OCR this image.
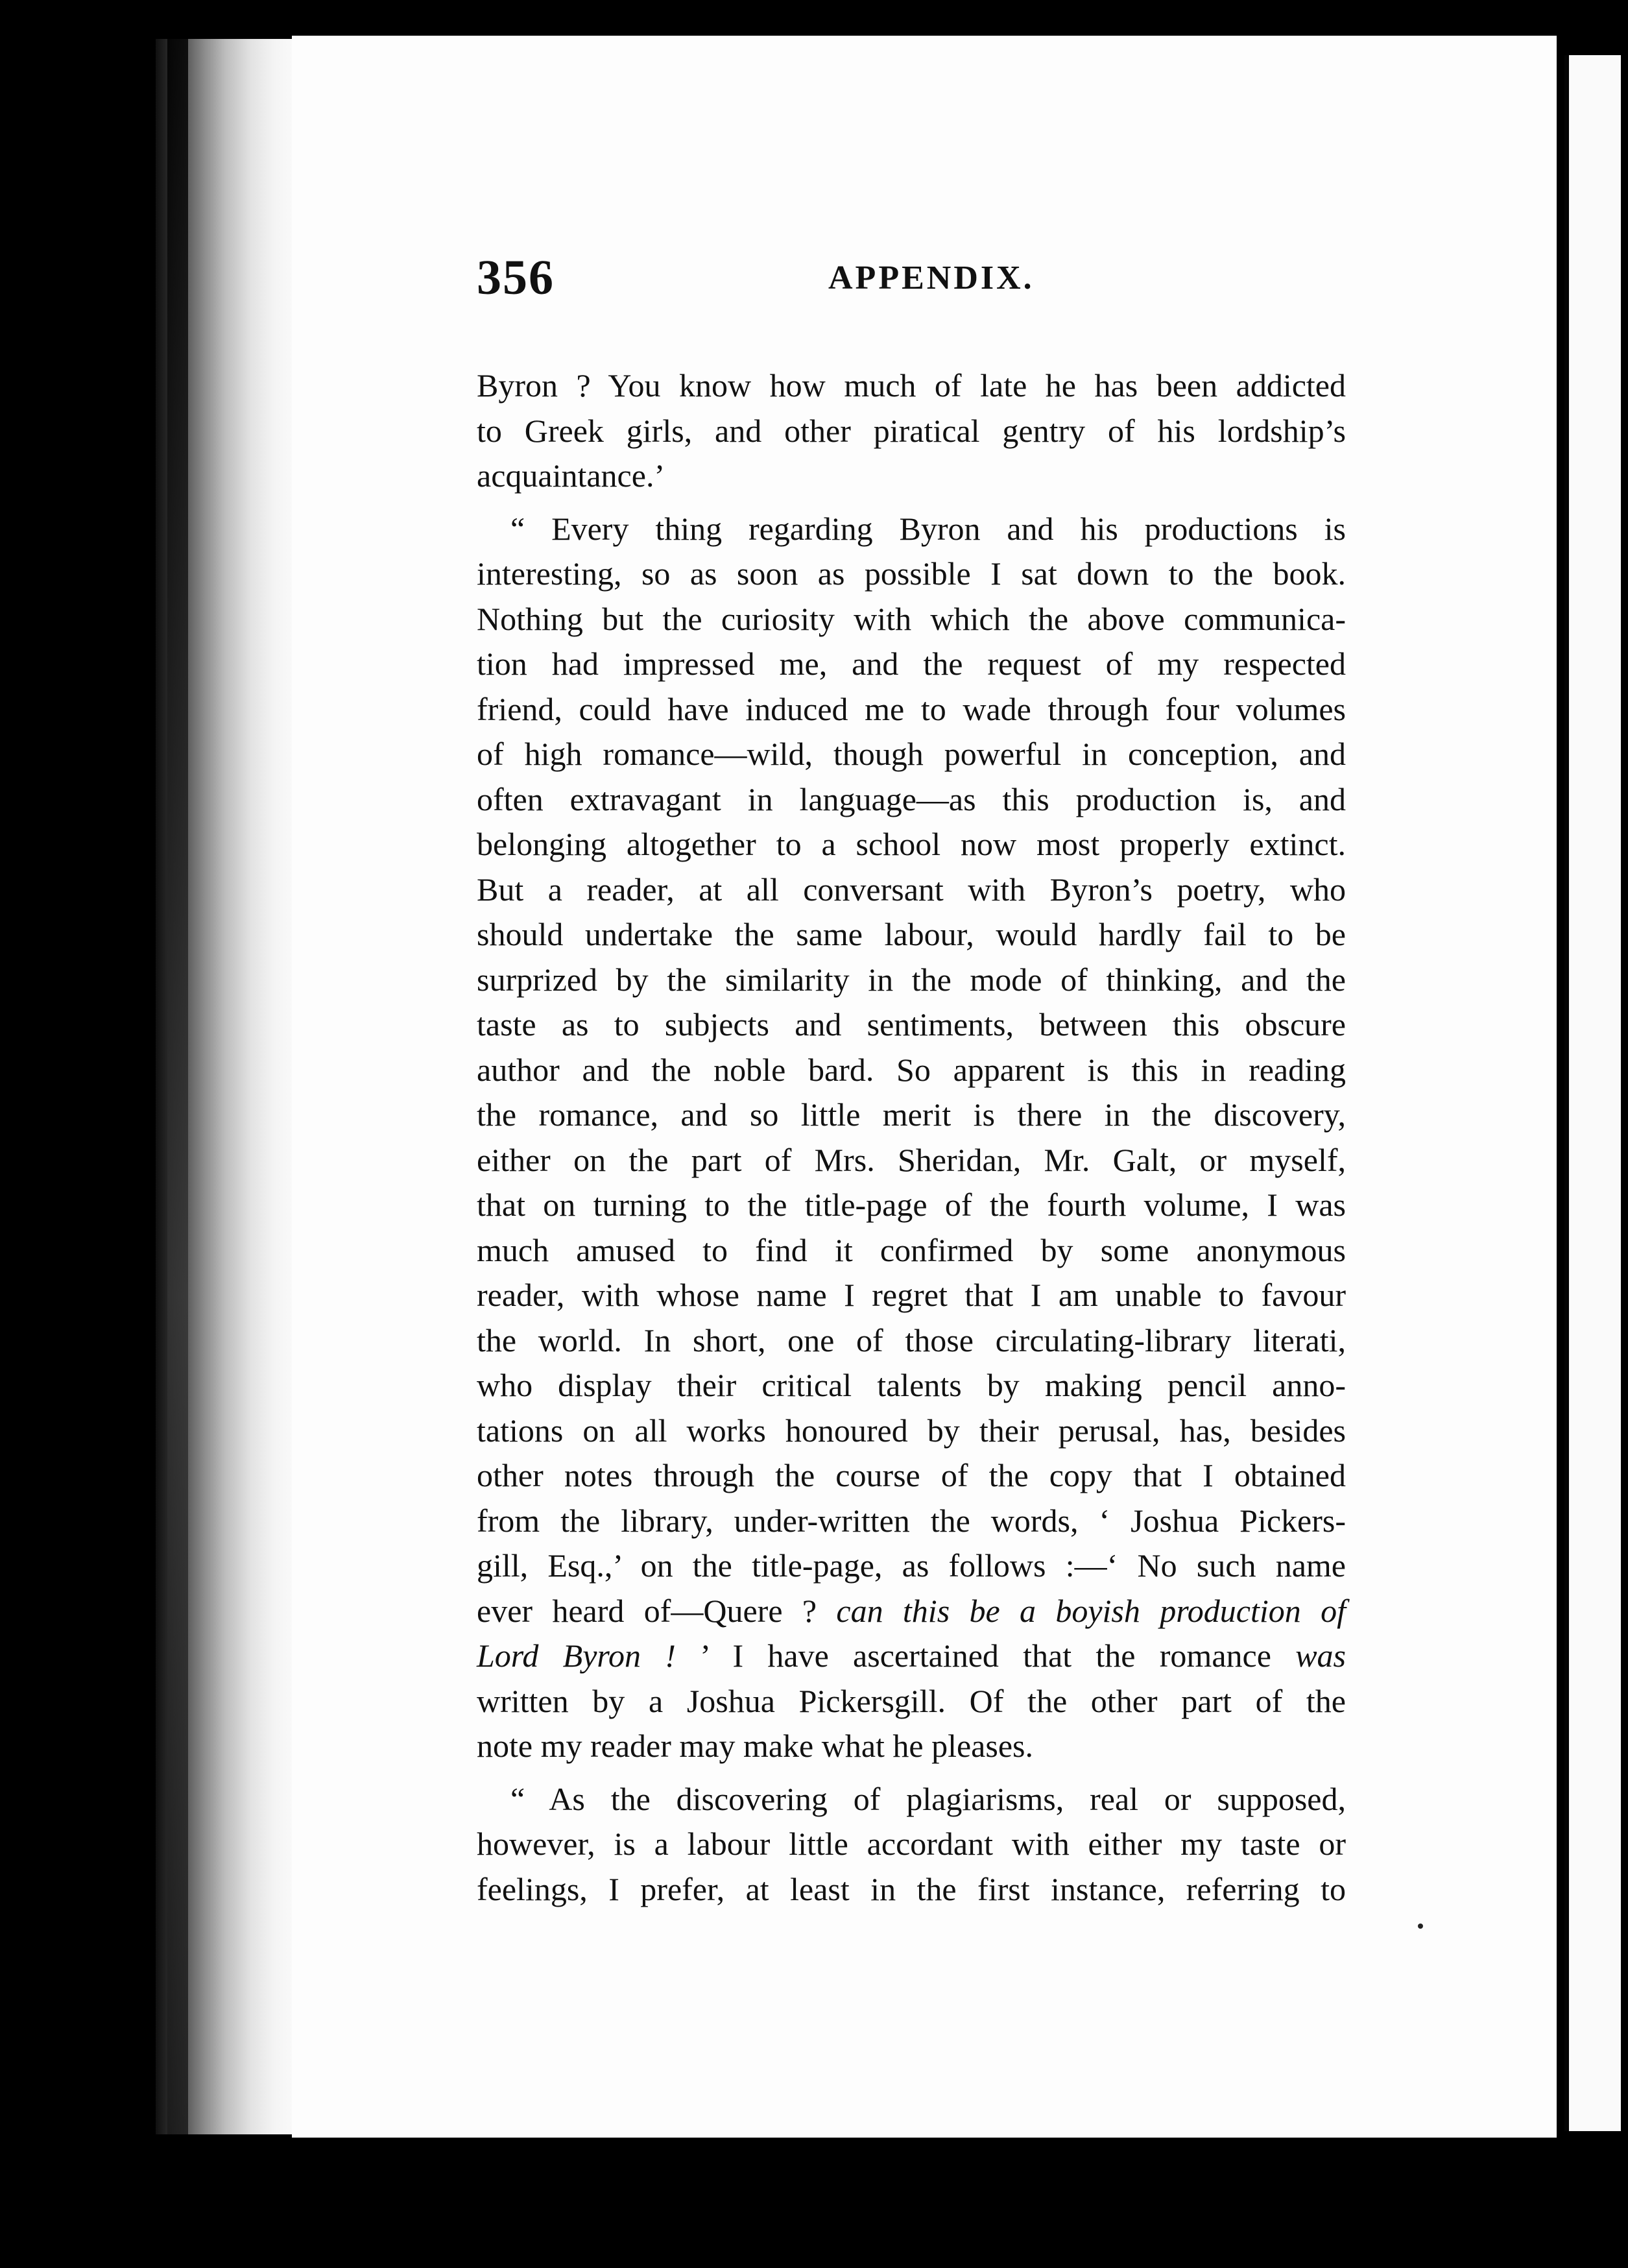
356	APPENDIX.

Byron ? You know how much of late he has been addicted
to Greek girls, and other piratical gentry of his lordship’s
acquaintance.’

“ Every thing regarding Byron and his productions is
interesting, so as soon as possible I sat down to the book.
Nothing but the curiosity with which the above communica-
tion had impressed me, and the request of my respected
friend, could have induced me to wade through four volumes
of high romance—wild, though powerful in conception, and
often extravagant in language—as this production is, and
belonging altogether to a school now most properly extinct.
But a reader, at all conversant with Byron’s poetry, who
should undertake the same labour, would hardly fail to be
surprized by the similarity in the mode of thinking, and the
taste as to subjects and sentiments, between this obscure
author and the noble bard. So apparent is this in reading
the romance, and so little merit is there in the discovery,
either on the part of Mrs. Sheridan, Mr. Galt, or myself,
that on turning to the title-page of the fourth volume, I was
much amused to find it confirmed by some anonymous
reader, with whose name I regret that I am unable to favour
the world. In short, one of those circulating-library literati,
who display their critical talents by making pencil anno-
tations on all works honoured by their perusal, has, besides
other notes through the course of the copy that I obtained
from the library, under-written the words, ‘ Joshua Pickers-
gill, Esq.,’ on the title-page, as follows :—‘ No such name
ever heard of—Quere ? can this be a boyish production of
Lord Byron ! ’ I have ascertained that the romance was
written by a Joshua Pickersgill. Of the other part of the
note my reader may make what he pleases.

“ As the discovering of plagiarisms, real or supposed,
however, is a labour little accordant with either my taste or
feelings, I prefer, at least in the first instance, referring to
